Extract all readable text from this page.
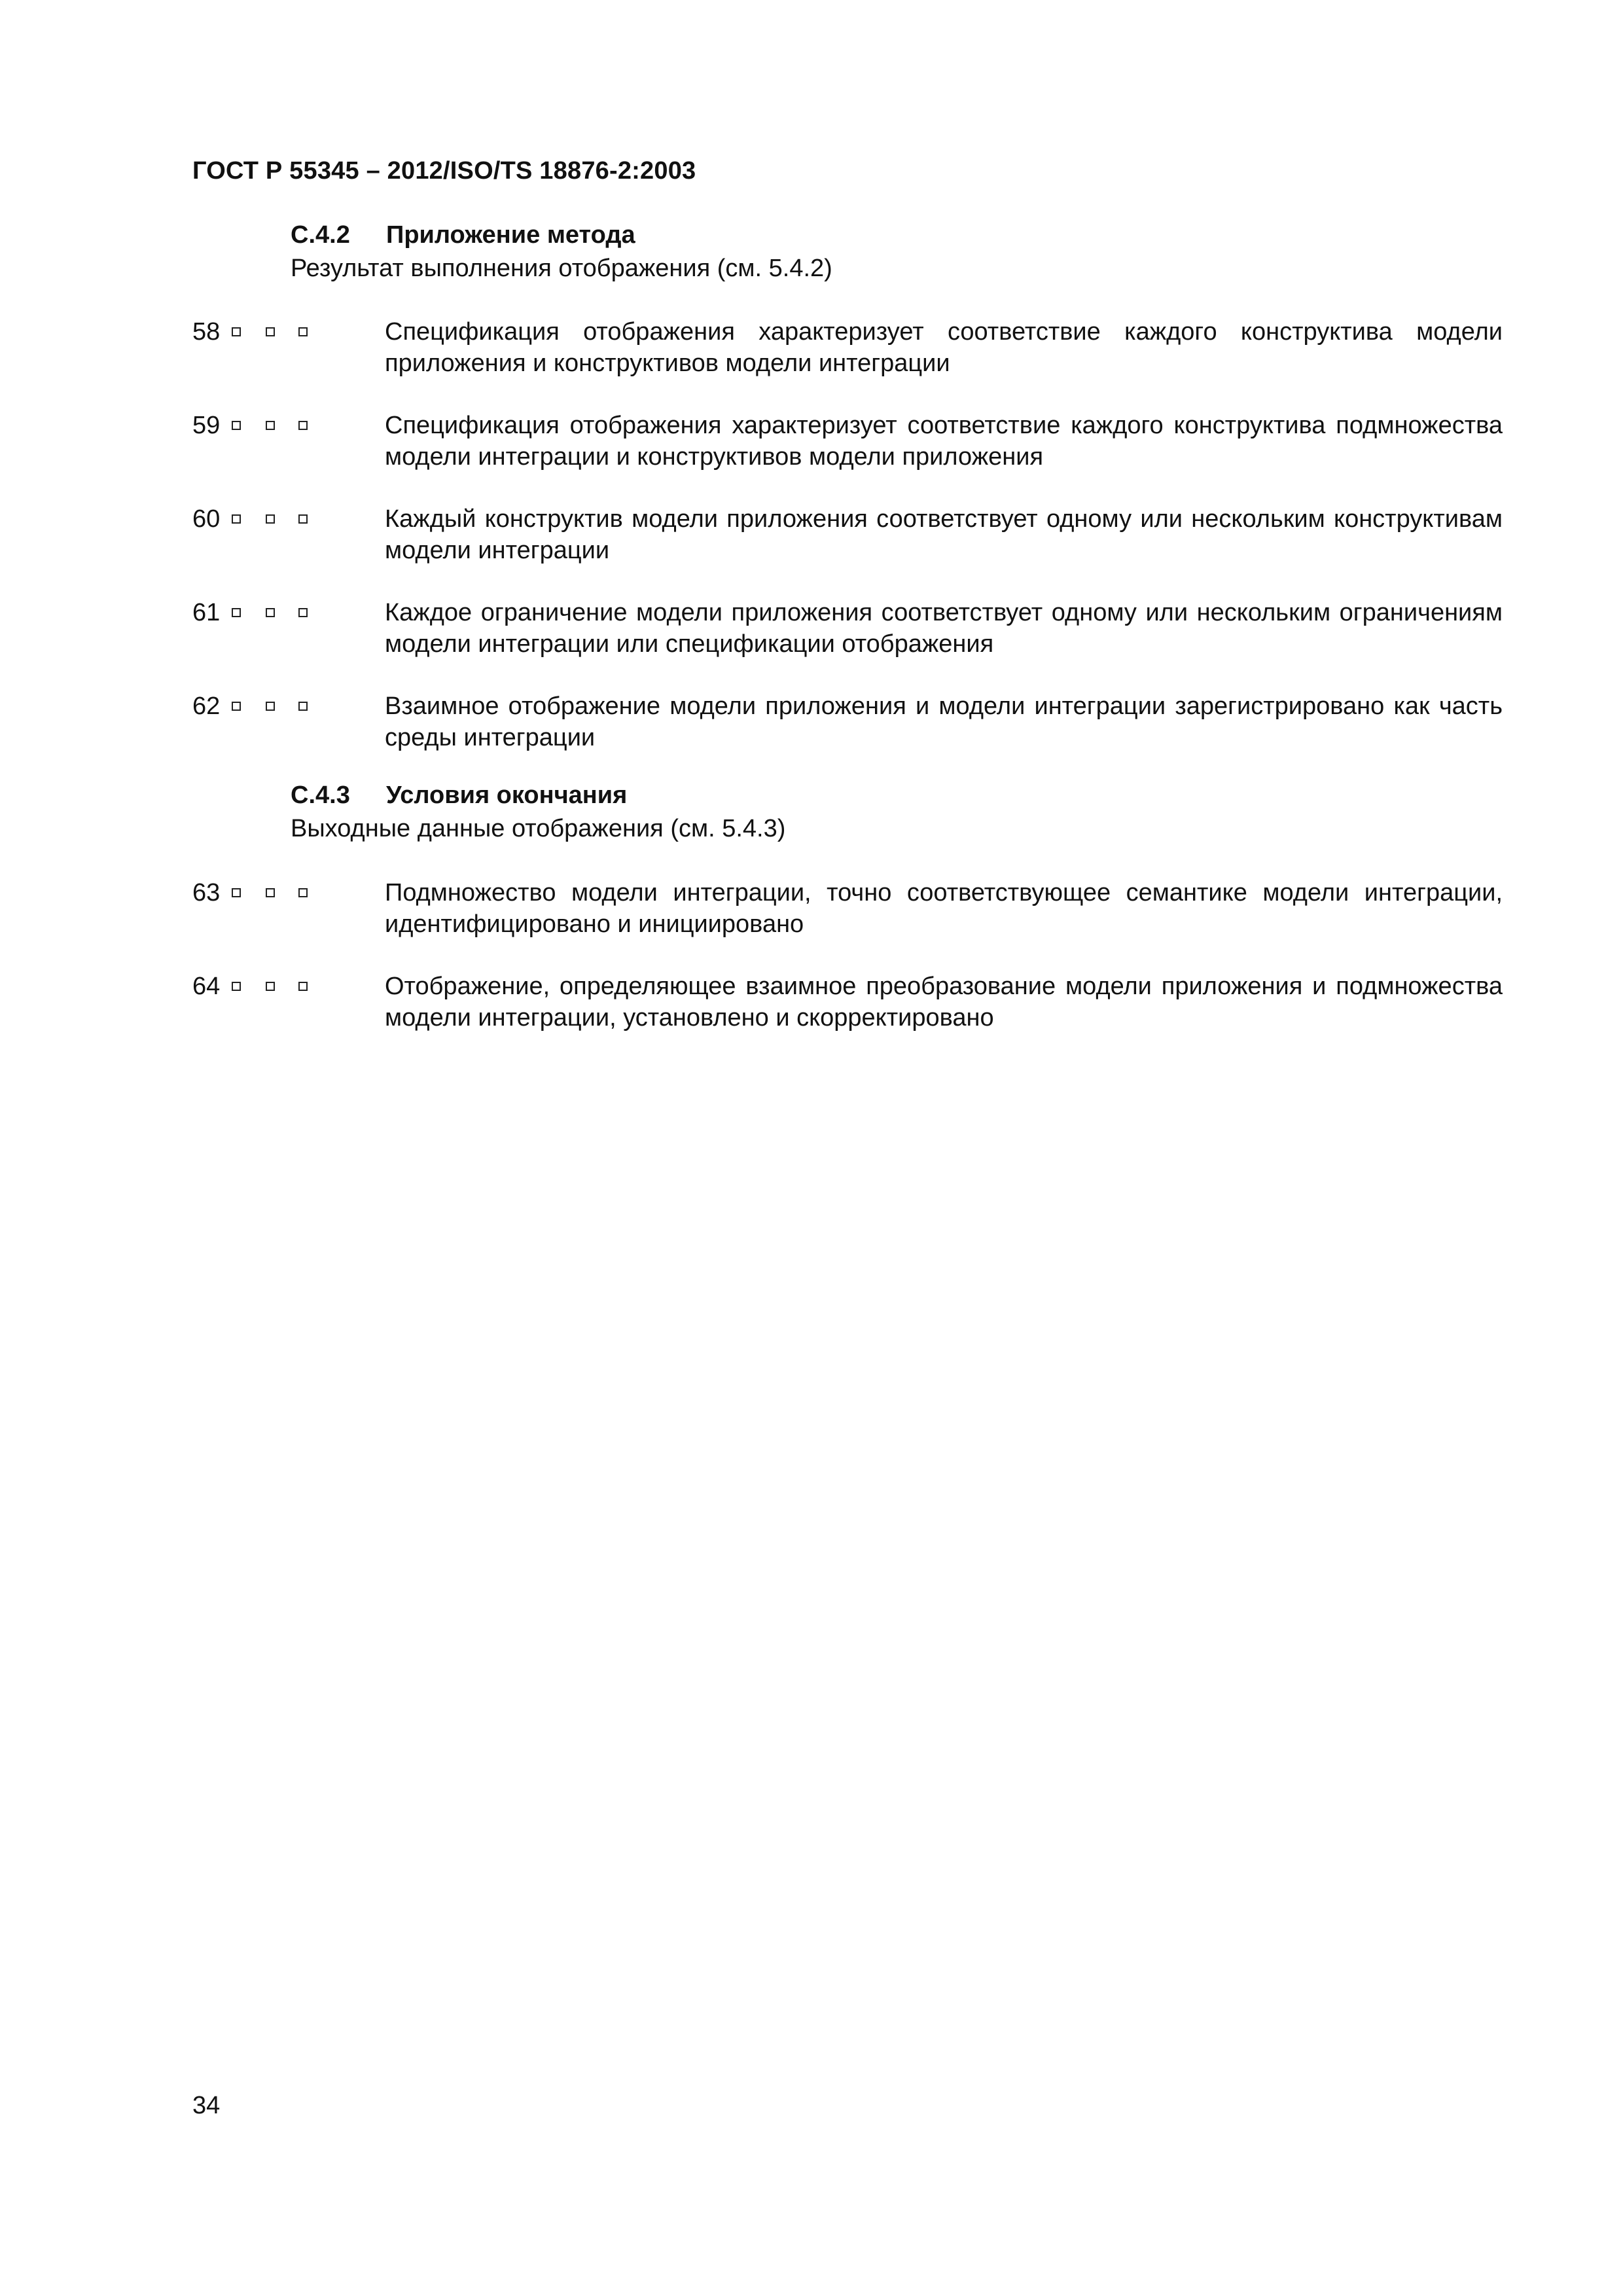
ГОСТ Р 55345 – 2012/ISO/TS 18876-2:2003
С.4.2 Приложение метода
Результат выполнения отображения (см. 5.4.2)
58	Спецификация отображения характеризует соответствие каждого конструктива модели приложения и конструктивов модели интеграции
59	Спецификация отображения характеризует соответствие каждого конструктива подмножества модели интеграции и конструктивов модели приложения
60	Каждый конструктив модели приложения соответствует одному или нескольким конструктивам модели интеграции
61	Каждое ограничение модели приложения соответствует одному или нескольким ограничениям модели интеграции или спецификации отображения
62	Взаимное отображение модели приложения и модели интеграции зарегистрировано как часть среды интеграции
С.4.3 Условия окончания
Выходные данные отображения (см. 5.4.3)
63	Подмножество модели интеграции, точно соответствующее семантике модели интеграции, идентифицировано и инициировано
64	Отображение, определяющее взаимное преобразование модели приложения и подмножества модели интеграции, установлено и скорректировано
34
